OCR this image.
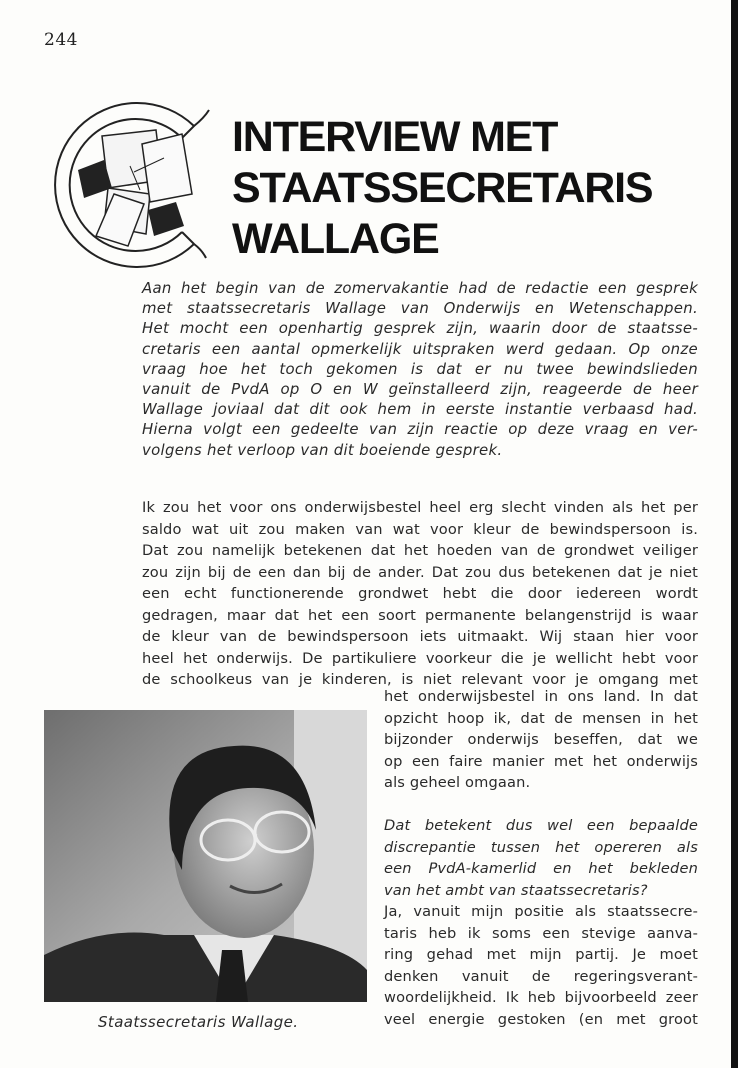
244
INTERVIEW MET
STAATSSECRETARIS
WALLAGE
Aan het begin van de zomervakantie had de redactie een gesprek
met staatssecretaris Wallage van Onderwijs en Wetenschappen.
Het mocht een openhartig gesprek zijn, waarin door de staatsse-
cretaris een aantal opmerkelijk uitspraken werd gedaan. Op onze
vraag hoe het toch gekomen is dat er nu twee bewindslieden
vanuit de PvdA op O en W geïnstalleerd zijn, reageerde de heer
Wallage joviaal dat dit ook hem in eerste instantie verbaasd had.
Hierna volgt een gedeelte van zijn reactie op deze vraag en ver-
volgens het verloop van dit boeiende gesprek.
Ik zou het voor ons onderwijsbestel heel erg slecht vinden als het per
saldo wat uit zou maken van wat voor kleur de bewindspersoon is.
Dat zou namelijk betekenen dat het hoeden van de grondwet veiliger
zou zijn bij de een dan bij de ander. Dat zou dus betekenen dat je niet
een echt functionerende grondwet hebt die door iedereen wordt
gedragen, maar dat het een soort permanente belangenstrijd is waar
de kleur van de bewindspersoon iets uitmaakt. Wij staan hier voor
heel het onderwijs. De partikuliere voorkeur die je wellicht hebt voor
de schoolkeus van je kinderen, is niet relevant voor je omgang met
Staatssecretaris Wallage.
het onderwijsbestel in ons land. In dat
opzicht hoop ik, dat de mensen in het
bijzonder onderwijs beseffen, dat we
op een faire manier met het onderwijs
als geheel omgaan.
Dat betekent dus wel een bepaalde
discrepantie tussen het opereren als
een PvdA-kamerlid en het bekleden
van het ambt van staatssecretaris?
Ja, vanuit mijn positie als staatssecre-
taris heb ik soms een stevige aanva-
ring gehad met mijn partij. Je moet
denken vanuit de regeringsverant-
woordelijkheid. Ik heb bijvoorbeeld zeer
veel energie gestoken (en met groot
